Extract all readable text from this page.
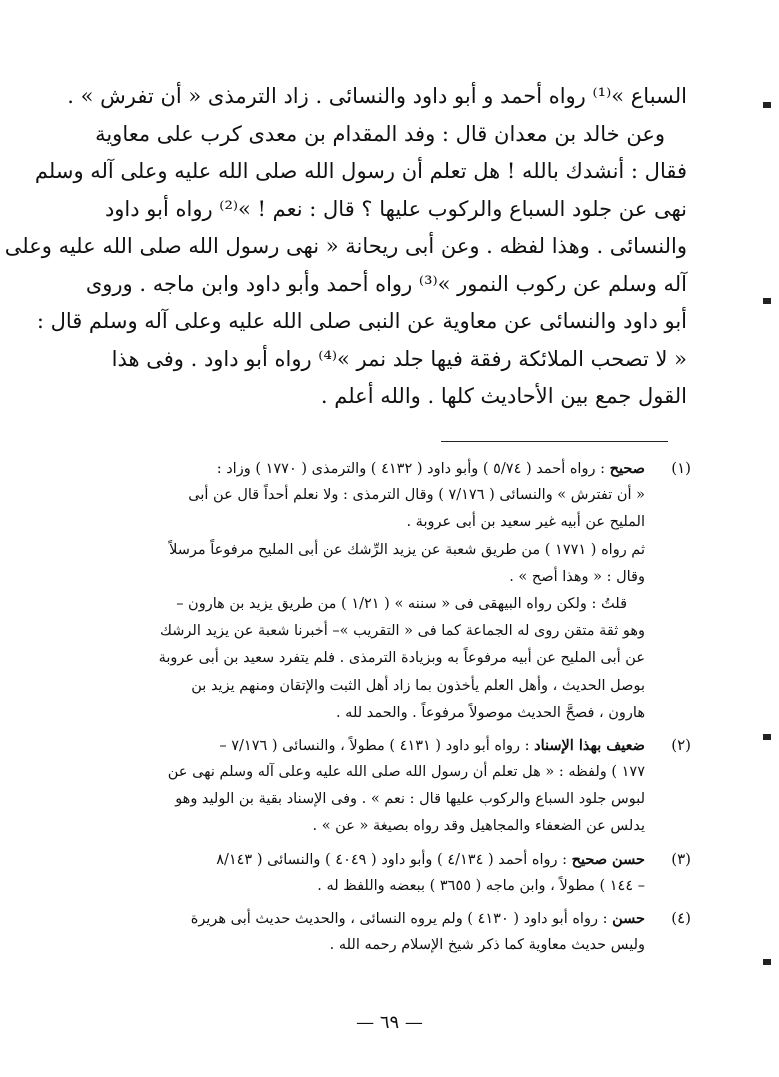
السباع »⁽¹⁾ رواه أحمد و أبو داود والنسائى . زاد الترمذى « أن تفرش » .
وعن خالد بن معدان قال : وفد المقدام بن معدى كرب على معاوية
فقال : أنشدك بالله ! هل تعلم أن رسول الله صلى الله عليه وعلى آله وسلم
نهى عن جلود السباع والركوب عليها ؟ قال : نعم ! »⁽²⁾ رواه أبو داود
والنسائى . وهذا لفظه . وعن أبى ريحانة « نهى رسول الله صلى الله عليه وعلى
آله وسلم عن ركوب النمور »⁽³⁾ رواه أحمد وأبو داود وابن ماجه . وروى
أبو داود والنسائى عن معاوية عن النبى صلى الله عليه وعلى آله وسلم قال :
« لا تصحب الملائكة رفقة فيها جلد نمر »⁽⁴⁾ رواه أبو داود . وفى هذا
القول جمع بين الأحاديث كلها . والله أعلم .
(١)
صحيح : رواه أحمد ( ٥/٧٤ ) وأبو داود ( ٤١٣٢ ) والترمذى ( ١٧٧٠ ) وزاد :
« أن تفترش » والنسائى ( ٧/١٧٦ ) وقال الترمذى : ولا نعلم أحداً قال عن أبى
المليح عن أبيه غير سعيد بن أبى عروبة .
ثم رواه ( ١٧٧١ ) من طريق شعبة عن يزيد الرِّشك عن أبى المليح مرفوعاً مرسلاً
وقال : « وهذا أصح » .
قلتُ : ولكن رواه البيهقى فى « سننه » ( ١/٢١ ) من طريق يزيد بن هارون –
وهو ثقة متقن روى له الجماعة كما فى « التقريب »– أخبرنا شعبة عن يزيد الرشك
عن أبى المليح عن أبيه مرفوعاً به وبزيادة الترمذى . فلم يتفرد سعيد بن أبى عروبة
بوصل الحديث ، وأهل العلم يأخذون بما زاد أهل الثبت والإتقان ومنهم يزيد بن
هارون ، فصحَّ الحديث موصولاً مرفوعاً . والحمد لله .
(٢)
ضعيف بهذا الإسناد : رواه أبو داود ( ٤١٣١ ) مطولاً ، والنسائى ( ٧/١٧٦ –
١٧٧ ) ولفظه : « هل تعلم أن رسول الله صلى الله عليه وعلى آله وسلم نهى عن
لبوس جلود السباع والركوب عليها قال : نعم » . وفى الإسناد بقية بن الوليد وهو
يدلس عن الضعفاء والمجاهيل وقد رواه بصيغة « عن » .
(٣)
حسن صحيح : رواه أحمد ( ٤/١٣٤ ) وأبو داود ( ٤٠٤٩ ) والنسائى ( ٨/١٤٣
– ١٤٤ ) مطولاً ، وابن ماجه ( ٣٦٥٥ ) ببعضه واللفظ له .
(٤)
حسن : رواه أبو داود ( ٤١٣٠ ) ولم يروه النسائى ، والحديث حديث أبى هريرة
وليس حديث معاوية كما ذكر شيخ الإسلام رحمه الله .
— ٦٩ —
